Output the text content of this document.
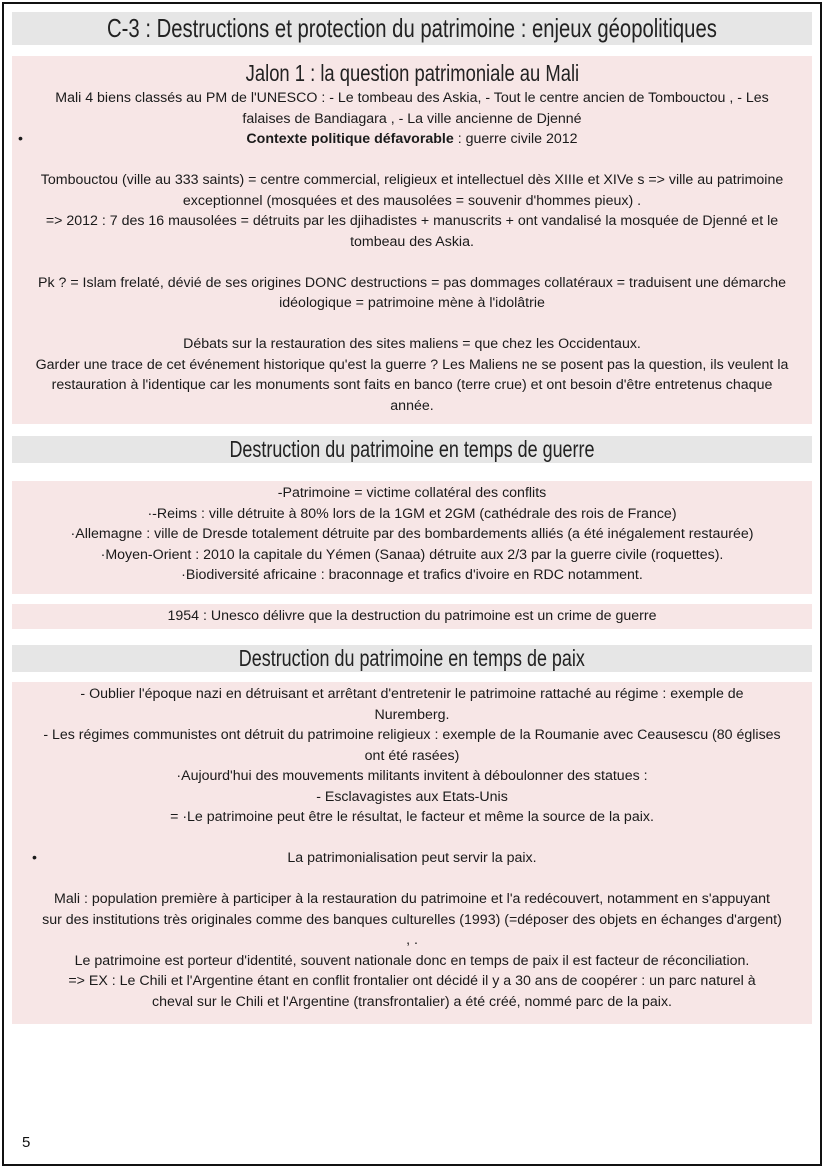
C-3 : Destructions et protection du patrimoine : enjeux géopolitiques

Jalon 1 : la question patrimoniale au Mali

Mali 4 biens classés au PM de l'UNESCO : - Le tombeau des Askia, - Tout le centre ancien de Tombouctou , - Les

falaises de Bandiagara , - La ville ancienne de Djenné

•	Contexte politique défavorable : guerre civile 2012

Tombouctou (ville au 333 saints) = centre commercial, religieux et intellectuel dès XIIIe et XIVe s => ville au patrimoine

exceptionnel (mosquées et des mausolées = souvenir d'hommes pieux) .

=> 2012 : 7 des 16 mausolées = détruits par les djihadistes + manuscrits + ont vandalisé la mosquée de Djenné et le

tombeau des Askia.

Pk ? = Islam frelaté, dévié de ses origines DONC destructions = pas dommages collatéraux = traduisent une démarche

idéologique = patrimoine mène à l'idolâtrie

Débats sur la restauration des sites maliens = que chez les Occidentaux.

Garder une trace de cet événement historique qu'est la guerre ? Les Maliens ne se posent pas la question, ils veulent la

restauration à l'identique car les monuments sont faits en banco (terre crue) et ont besoin d'être entretenus chaque

année.

Destruction du patrimoine en temps de guerre

-Patrimoine = victime collatéral des conflits

·-Reims : ville détruite à 80% lors de la 1GM et 2GM (cathédrale des rois de France)

·Allemagne : ville de Dresde totalement détruite par des bombardements alliés (a été inégalement restaurée)

·Moyen-Orient : 2010 la capitale du Yémen (Sanaa) détruite aux 2/3 par la guerre civile (roquettes).

·Biodiversité africaine : braconnage et trafics d'ivoire en RDC notamment.

1954 : Unesco délivre que la destruction du patrimoine est un crime de guerre

Destruction du patrimoine en temps de paix

- Oublier l'époque nazi en détruisant et arrêtant d'entretenir le patrimoine rattaché au régime : exemple de

Nuremberg.

- Les régimes communistes ont détruit du patrimoine religieux : exemple de la Roumanie avec Ceausescu (80 églises

ont été rasées)

·Aujourd'hui des mouvements militants invitent à déboulonner des statues :

- Esclavagistes aux Etats-Unis

= ·Le patrimoine peut être le résultat, le facteur et même la source de la paix.

•	La patrimonialisation peut servir la paix.

Mali : population première à participer à la restauration du patrimoine et l'a redécouvert, notamment en s'appuyant

sur des institutions très originales comme des banques culturelles (1993) (=déposer des objets en échanges d'argent)

, .

Le patrimoine est porteur d'identité, souvent nationale donc en temps de paix il est facteur de réconciliation.

=> EX : Le Chili et l'Argentine étant en conflit frontalier ont décidé il y a 30 ans de coopérer : un parc naturel à

cheval sur le Chili et l'Argentine (transfrontalier) a été créé, nommé parc de la paix.

5
